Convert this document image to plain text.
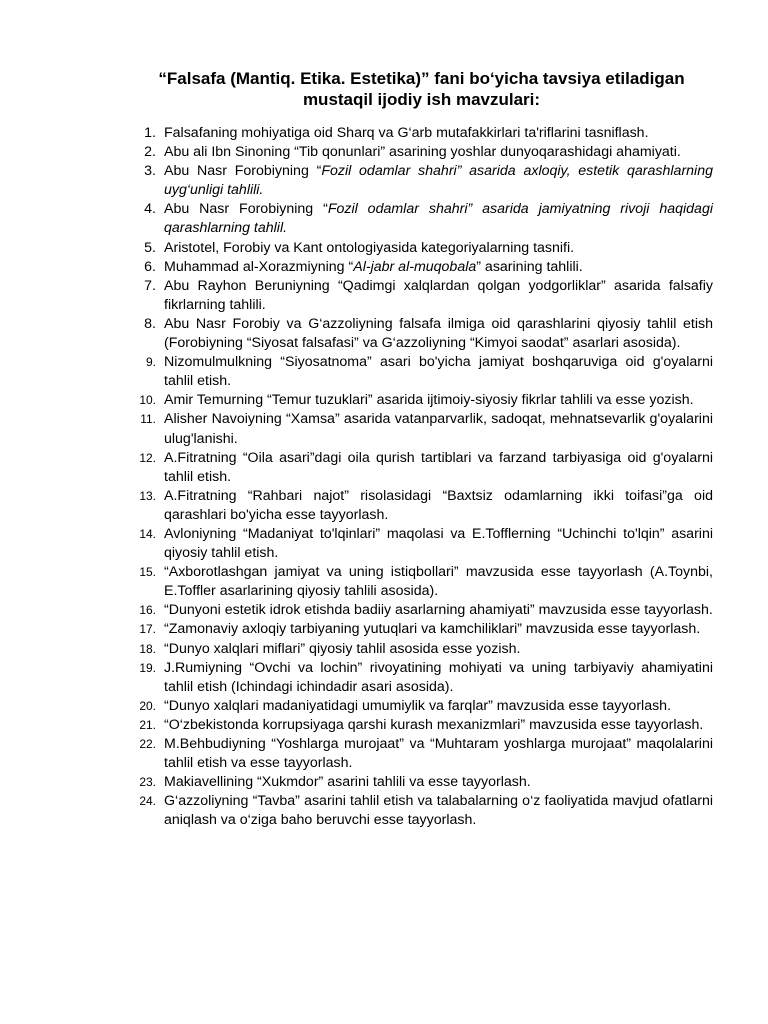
“Falsafa (Mantiq. Etika. Estetika)” fani bo‘yicha tavsiya etiladigan mustaqil ijodiy ish mavzulari:
1. Falsafaning mohiyatiga oid Sharq va G‘arb mutafakkirlari ta'riflarini tasniflash.
2. Abu ali Ibn Sinoning “Tib qonunlari” asarining yoshlar dunyoqarashidagi ahamiyati.
3. Abu Nasr Forobiyning “Fozil odamlar shahri” asarida axloqiy, estetik qarashlarning uyg‘unligi tahlili.
4. Abu Nasr Forobiyning “Fozil odamlar shahri” asarida jamiyatning rivoji haqidagi qarashlarning tahlil.
5. Aristotel, Forobiy va Kant ontologiyasida kategoriyalarning tasnifi.
6. Muhammad al-Xorazmiyning “Al-jabr al-muqobala” asarining tahlili.
7. Abu Rayhon Beruniyning “Qadimgi xalqlardan qolgan yodgorliklar” asarida falsafiy fikrlarning tahlili.
8. Abu Nasr Forobiy va G‘azzoliyning falsafa ilmiga oid qarashlarini qiyosiy tahlil etish (Forobiyning “Siyosat falsafasi” va G‘azzoliyning “Kimyoi saodat” asarlari asosida).
9. Nizomulmulkning “Siyosatnoma” asari bo'yicha jamiyat boshqaruviga oid g'oyalarni tahlil etish.
10. Amir Temurning “Temur tuzuklari” asarida ijtimoiy-siyosiy fikrlar tahlili va esse yozish.
11. Alisher Navoiyning “Xamsa” asarida vatanparvarlik, sadoqat, mehnatsevarlik g'oyalarini ulug'lanishi.
12. A.Fitratning “Oila asari”dagi oila qurish tartiblari va farzand tarbiyasiga oid g'oyalarni tahlil etish.
13. A.Fitratning “Rahbari najot” risolasidagi “Baxtsiz odamlarning ikki toifasi”ga oid qarashlari bo'yicha esse tayyorlash.
14. Avloniyning “Madaniyat to'lqinlari” maqolasi va E.Tofflerning “Uchinchi to'lqin” asarini qiyosiy tahlil etish.
15. “Axborotlashgan jamiyat va uning istiqbollari” mavzusida esse tayyorlash (A.Toynbi, E.Toffler asarlarining qiyosiy tahlili asosida).
16. “Dunyoni estetik idrok etishda badiiy asarlarning ahamiyati” mavzusida esse tayyorlash.
17. “Zamonaviy axloqiy tarbiyaning yutuqlari va kamchiliklari” mavzusida esse tayyorlash.
18. “Dunyo xalqlari miflari” qiyosiy tahlil asosida esse yozish.
19. J.Rumiyning “Ovchi va lochin” rivoyatining mohiyati va uning tarbiyaviy ahamiyatini tahlil etish (Ichindagi ichindadir asari asosida).
20. “Dunyo xalqlari madaniyatidagi umumiylik va farqlar” mavzusida esse tayyorlash.
21. “O‘zbekistonda korrupsiyaga qarshi kurash mexanizmlari” mavzusida esse tayyorlash.
22. M.Behbudiyning “Yoshlarga murojaat” va “Muhtaram yoshlarga murojaat” maqolalarini tahlil etish va esse tayyorlash.
23. Makiavellining “Xukmdor” asarini tahlili va esse tayyorlash.
24. G‘azzoliyning “Tavba” asarini tahlil etish va talabalarning o‘z faoliyatida mavjud ofatlarni aniqlash va o‘ziga baho beruvchi esse tayyorlash.
